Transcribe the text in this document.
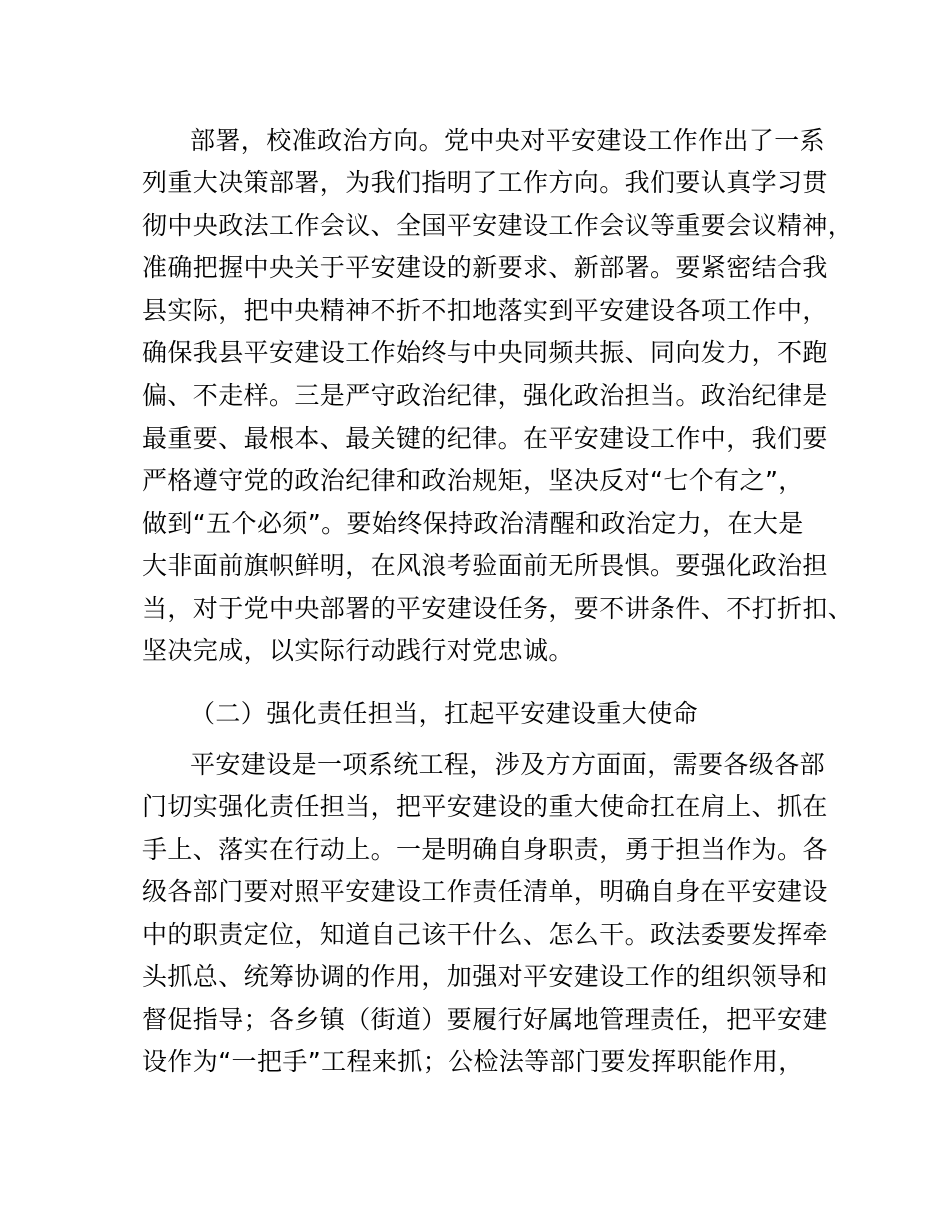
部署，校准政治方向。党中央对平安建设工作作出了一系
列重大决策部署，为我们指明了工作方向。我们要认真学习贯
彻中央政法工作会议、全国平安建设工作会议等重要会议精神，
准确把握中央关于平安建设的新要求、新部署。要紧密结合我
县实际，把中央精神不折不扣地落实到平安建设各项工作中，
确保我县平安建设工作始终与中央同频共振、同向发力，不跑
偏、不走样。三是严守政治纪律，强化政治担当。政治纪律是
最重要、最根本、最关键的纪律。在平安建设工作中，我们要
严格遵守党的政治纪律和政治规矩，坚决反对“七个有之”，
做到“五个必须”。要始终保持政治清醒和政治定力，在大是
大非面前旗帜鲜明，在风浪考验面前无所畏惧。要强化政治担
当，对于党中央部署的平安建设任务，要不讲条件、不打折扣、
坚决完成，以实际行动践行对党忠诚。
（二）强化责任担当，扛起平安建设重大使命
平安建设是一项系统工程，涉及方方面面，需要各级各部
门切实强化责任担当，把平安建设的重大使命扛在肩上、抓在
手上、落实在行动上。一是明确自身职责，勇于担当作为。各
级各部门要对照平安建设工作责任清单，明确自身在平安建设
中的职责定位，知道自己该干什么、怎么干。政法委要发挥牵
头抓总、统筹协调的作用，加强对平安建设工作的组织领导和
督促指导；各乡镇（街道）要履行好属地管理责任，把平安建
设作为“一把手”工程来抓；公检法等部门要发挥职能作用，
